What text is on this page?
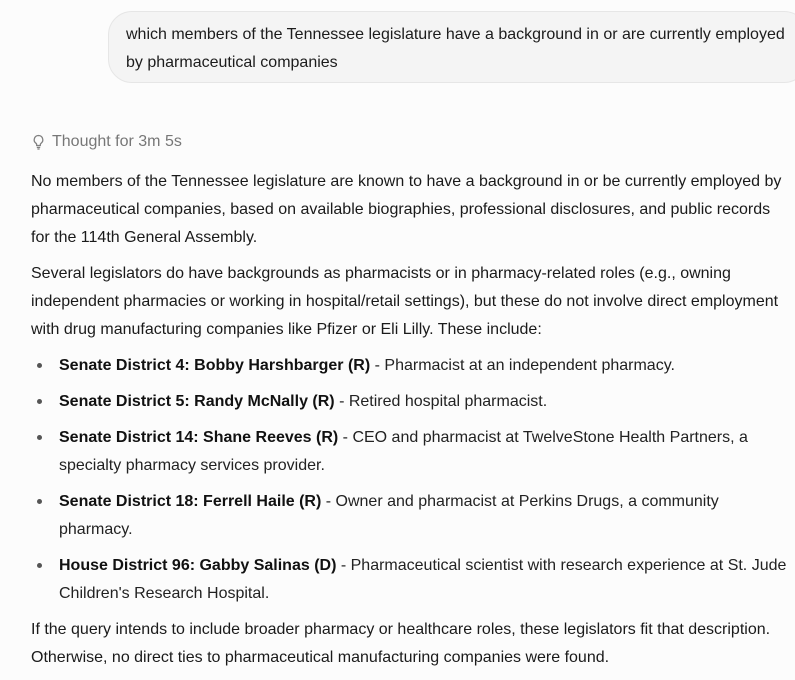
which members of the Tennessee legislature have a background in or are currently employed by pharmaceutical companies
Thought for 3m 5s

No members of the Tennessee legislature are known to have a background in or be currently employed by pharmaceutical companies, based on available biographies, professional disclosures, and public records for the 114th General Assembly.

Several legislators do have backgrounds as pharmacists or in pharmacy-related roles (e.g., owning independent pharmacies or working in hospital/retail settings), but these do not involve direct employment with drug manufacturing companies like Pfizer or Eli Lilly. These include:

Senate District 4: Bobby Harshbarger (R) - Pharmacist at an independent pharmacy.
Senate District 5: Randy McNally (R) - Retired hospital pharmacist.
Senate District 14: Shane Reeves (R) - CEO and pharmacist at TwelveStone Health Partners, a specialty pharmacy services provider.
Senate District 18: Ferrell Haile (R) - Owner and pharmacist at Perkins Drugs, a community pharmacy.
House District 96: Gabby Salinas (D) - Pharmaceutical scientist with research experience at St. Jude Children's Research Hospital.

If the query intends to include broader pharmacy or healthcare roles, these legislators fit that description. Otherwise, no direct ties to pharmaceutical manufacturing companies were found.
